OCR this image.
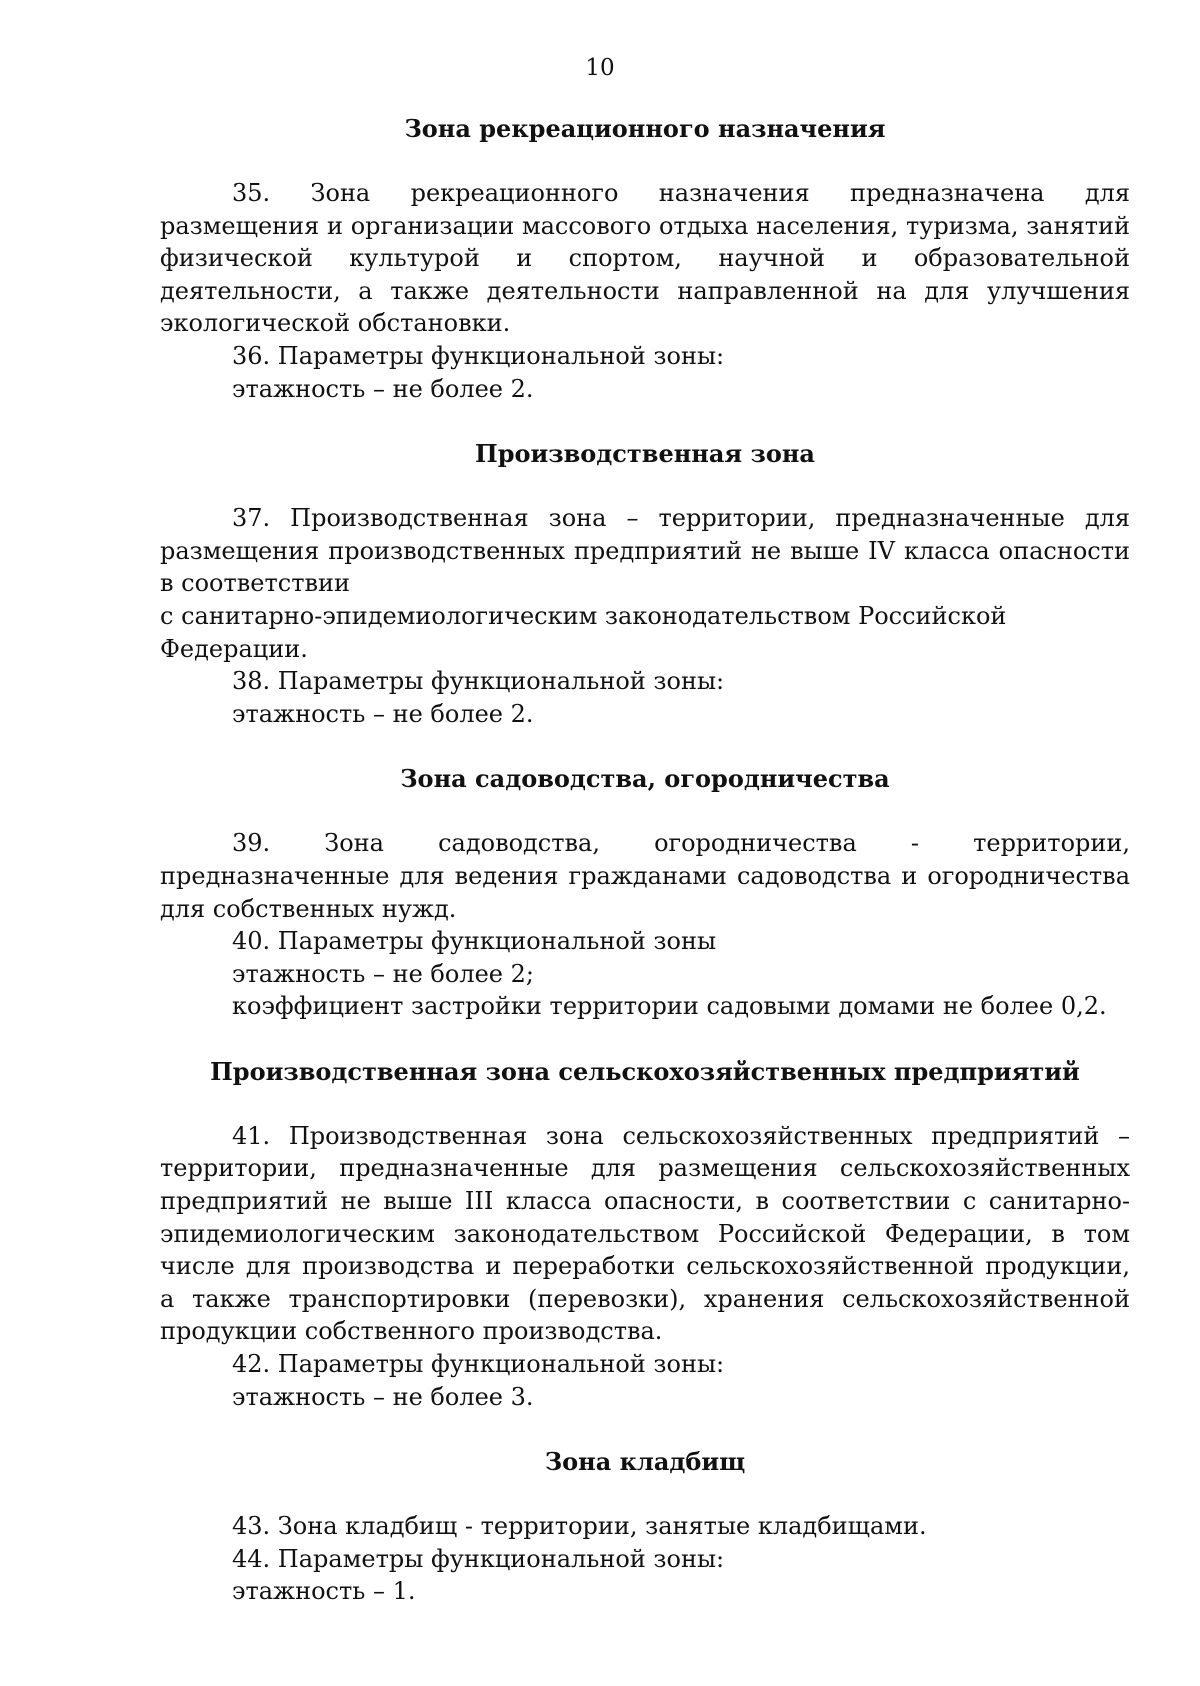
10
Зона рекреационного назначения

35. Зона рекреационного назначения предназначена для размещения и организации массового отдыха населения, туризма, занятий физической культурой и спортом, научной и образовательной деятельности, а также деятельности направленной на для улучшения экологической обстановки.

36. Параметры функциональной зоны:

этажность – не более 2.

Производственная зона

37. Производственная зона – территории, предназначенные для размещения производственных предприятий не выше IV класса опасности в соответствии

с санитарно-эпидемиологическим законодательством Российской Федерации.

38. Параметры функциональной зоны:

этажность – не более 2.

Зона садоводства, огородничества

39. Зона садоводства, огородничества - территории, предназначенные для ведения гражданами садоводства и огородничества для собственных нужд.

40. Параметры функциональной зоны

этажность – не более 2;

коэффициент застройки территории садовыми домами не более 0,2.

Производственная зона сельскохозяйственных предприятий

41. Производственная зона сельскохозяйственных предприятий – территории, предназначенные для размещения сельскохозяйственных предприятий не выше III класса опасности, в соответствии с санитарно-эпидемиологическим законодательством Российской Федерации, в том числе для производства и переработки сельскохозяйственной продукции, а также транспортировки (перевозки), хранения сельскохозяйственной продукции собственного производства.

42. Параметры функциональной зоны:

этажность – не более 3.

Зона кладбищ

43. Зона кладбищ - территории, занятые кладбищами.

44. Параметры функциональной зоны:

этажность – 1.
